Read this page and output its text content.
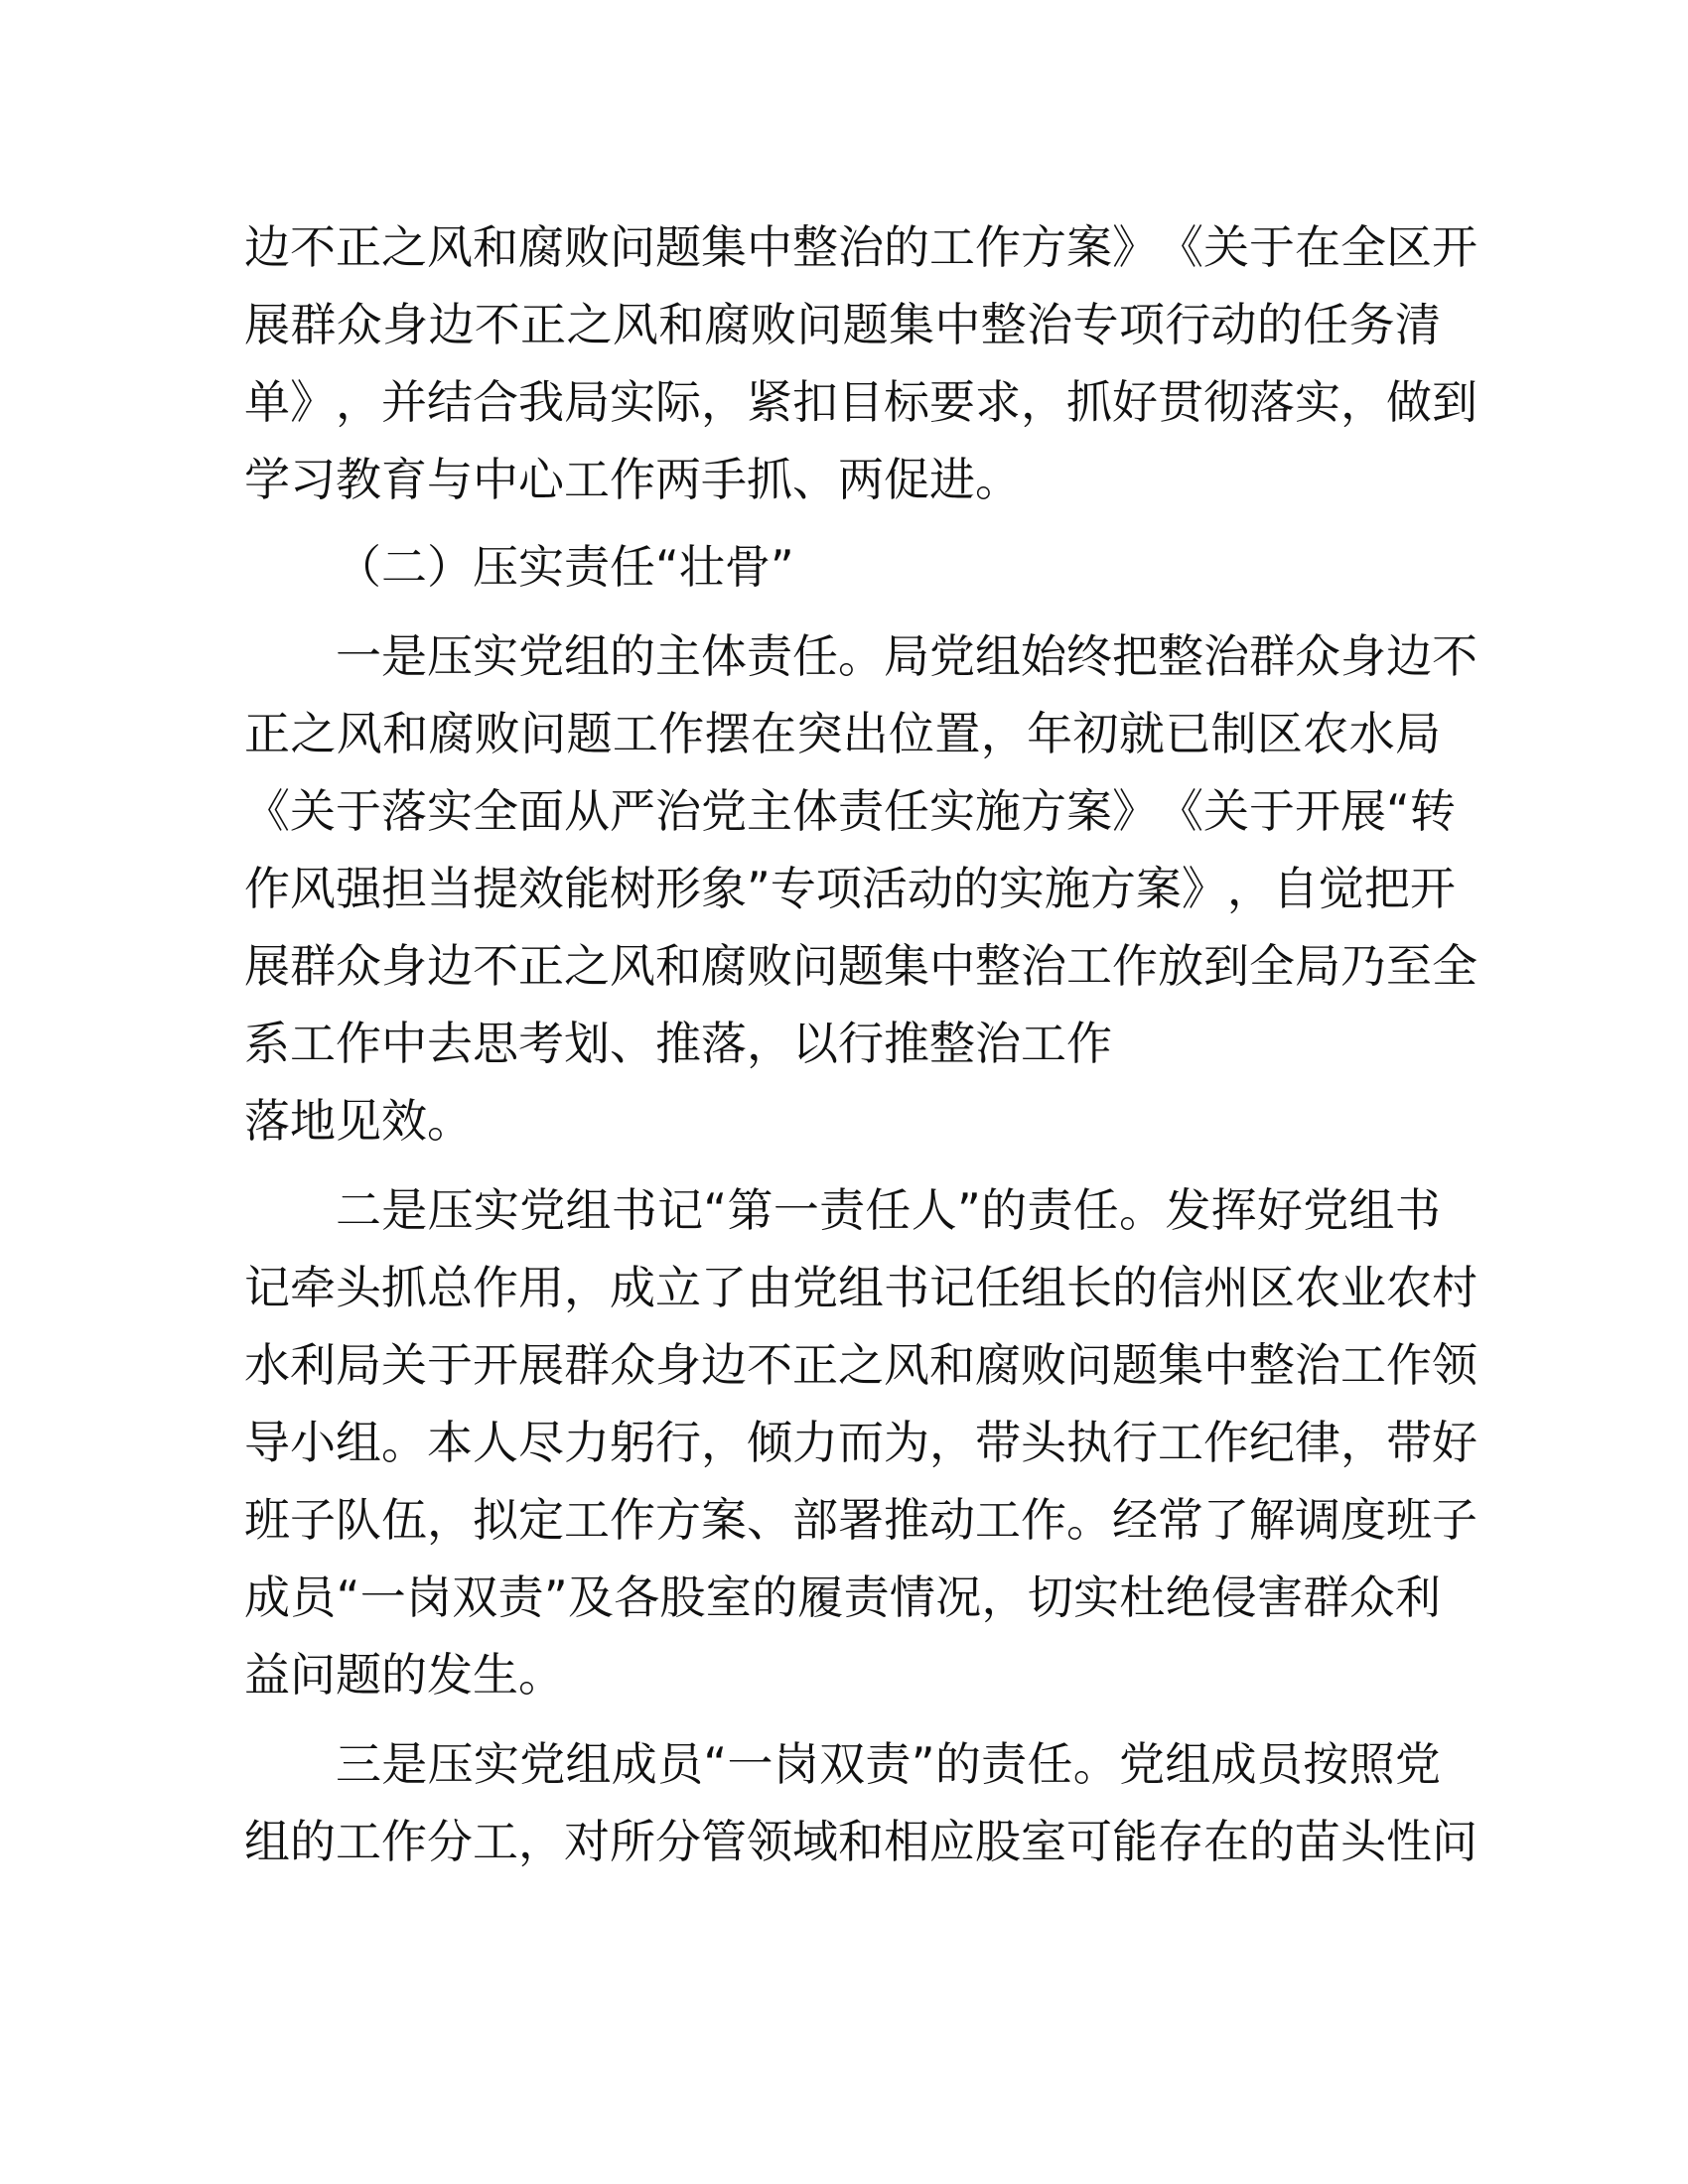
边 不 正 之 风 和 腐 败 问 题 集 中 整 治 的 工 作 方 案 》 《 关 于 在 全 区 开
展 群 众 身 边 不 正 之 风 和 腐 败 问 题 集 中 整 治 专 项 行 动 的 任 务 清
单 》 ， 并 结 合 我 局 实 际 ， 紧 扣 目 标 要 求 ， 抓 好 贯 彻 落 实 ， 做 到
学习教育与中心工作两手抓、两促进。
（二）压实责任“壮骨”
一 是 压 实 党 组 的 主 体 责 任 。 局 党 组 始 终 把 整 治 群 众 身 边 不
正 之 风 和 腐 败 问 题 工 作 摆 在 突 出 位 置 ， 年 初 就 已 制 区 农 水 局
《 关 于 落 实 全 面 从 严 治 党 主 体 责 任 实 施 方 案 》 《 关 于 开 展 “ 转
作 风 强 担 当 提 效 能 树 形 象 ” 专 项 活 动 的 实 施 方 案 》 ， 自 觉 把 开
展 群 众 身 边 不 正 之 风 和 腐 败 问 题 集 中 整 治 工 作 放 到 全 局 乃 至 全
系工作中去思考划、推落，以行推整治工作
落地见效。
二 是 压 实 党 组 书 记 “ 第 一 责 任 人 ” 的 责 任 。 发 挥 好 党 组 书
记 牵 头 抓 总 作 用 ， 成 立 了 由 党 组 书 记 任 组 长 的 信 州 区 农 业 农 村
水 利 局 关 于 开 展 群 众 身 边 不 正 之 风 和 腐 败 问 题 集 中 整 治 工 作 领
导 小 组 。 本 人 尽 力 躬 行 ， 倾 力 而 为 ， 带 头 执 行 工 作 纪 律 ， 带 好
班 子 队 伍 ， 拟 定 工 作 方 案 、 部 署 推 动 工 作 。 经 常 了 解 调 度 班 子
成 员 “ 一 岗 双 责 ” 及 各 股 室 的 履 责 情 况 ， 切 实 杜 绝 侵 害 群 众 利
益问题的发生。
三 是 压 实 党 组 成 员 “ 一 岗 双 责 ” 的 责 任 。 党 组 成 员 按 照 党
组 的 工 作 分 工 ， 对 所 分 管 领 域 和 相 应 股 室 可 能 存 在 的 苗 头 性 问
